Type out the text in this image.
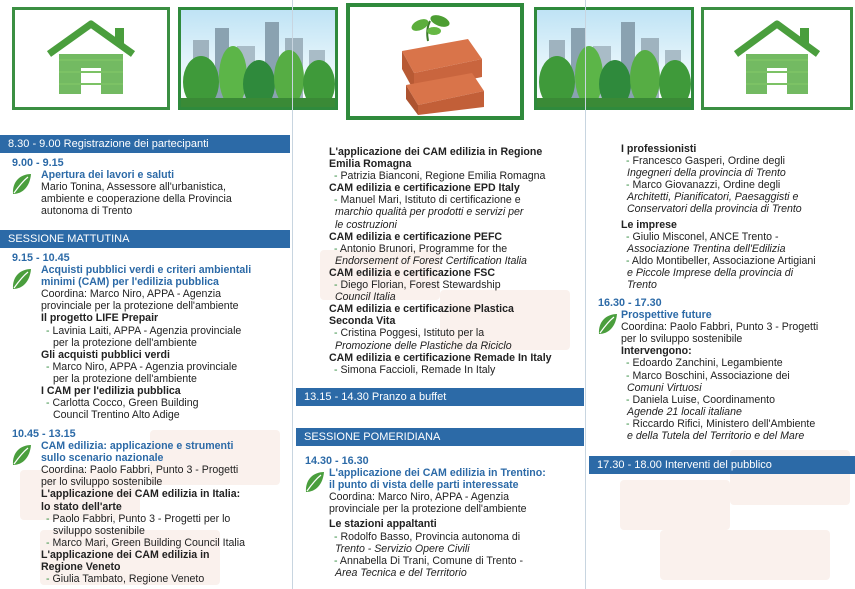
8.30 - 9.00 Registrazione dei partecipanti

9.00 - 9.15

Apertura dei lavori e saluti

Mario Tonina, Assessore all'urbanistica,

ambiente e cooperazione della Provincia

autonoma di Trento

SESSIONE MATTUTINA

9.15 - 10.45

Acquisti pubblici verdi e criteri ambientali

minimi (CAM) per l'edilizia pubblica

Coordina: Marco Niro, APPA - Agenzia

provinciale per la protezione dell'ambiente

Il progetto LIFE Prepair

- Lavinia Laiti, APPA - Agenzia provinciale

per la protezione dell'ambiente

Gli acquisti pubblici verdi

- Marco Niro, APPA - Agenzia provinciale

per la protezione dell'ambiente

I CAM per l'edilizia pubblica

- Carlotta Cocco, Green Building

Council Trentino Alto Adige

10.45 - 13.15

CAM edilizia: applicazione e strumenti

sullo scenario nazionale

Coordina: Paolo Fabbri, Punto 3 - Progetti

per lo sviluppo sostenibile

L'applicazione dei CAM edilizia in Italia:

lo stato dell'arte

- Paolo Fabbri, Punto 3 - Progetti per lo

sviluppo sostenibile

- Marco Mari, Green Building Council Italia

L'applicazione dei CAM edilizia in

Regione Veneto

- Giulia Tambato, Regione Veneto

L'applicazione dei CAM edilizia in Regione

Emilia Romagna

- Patrizia Bianconi, Regione Emilia Romagna

CAM edilizia e certificazione EPD Italy

- Manuel Mari, Istituto di certificazione e

marchio qualità per prodotti e servizi per

le costruzioni

CAM edilizia e certificazione PEFC

- Antonio Brunori, Programme for the

Endorsement of Forest Certification Italia

CAM edilizia e certificazione FSC

- Diego Florian, Forest Stewardship

Council Italia

CAM edilizia e certificazione Plastica

Seconda Vita

- Cristina Poggesi, Istituto per la

Promozione delle Plastiche da Riciclo

CAM edilizia e certificazione Remade In Italy

- Simona Faccioli, Remade In Italy

13.15 - 14.30 Pranzo a buffet
SESSIONE POMERIDIANA

14.30 - 16.30

L'applicazione dei CAM edilizia in Trentino:

il punto di vista delle parti interessate

Coordina: Marco Niro, APPA - Agenzia

provinciale per la protezione dell'ambiente

Le stazioni appaltanti

- Rodolfo Basso, Provincia autonoma di

Trento - Servizio Opere Civili

- Annabella Di Trani, Comune di Trento -

Area Tecnica e del Territorio

I professionisti

- Francesco Gasperi, Ordine degli

Ingegneri della provincia di Trento

- Marco Giovanazzi, Ordine degli

Architetti, Pianificatori, Paesaggisti e

Conservatori della provincia di Trento

Le imprese

- Giulio Misconel, ANCE Trento -

Associazione Trentina dell'Edilizia

- Aldo Montibeller, Associazione Artigiani

e Piccole Imprese della provincia di

Trento

16.30 - 17.30

Prospettive future

Coordina: Paolo Fabbri, Punto 3 - Progetti

per lo sviluppo sostenibile

Intervengono:

- Edoardo Zanchini, Legambiente

- Marco Boschini, Associazione dei

Comuni Virtuosi

- Daniela Luise, Coordinamento

Agende 21 locali italiane

- Riccardo Rifici, Ministero dell'Ambiente

e della Tutela del Territorio e del Mare

17.30 - 18.00 Interventi del pubblico
